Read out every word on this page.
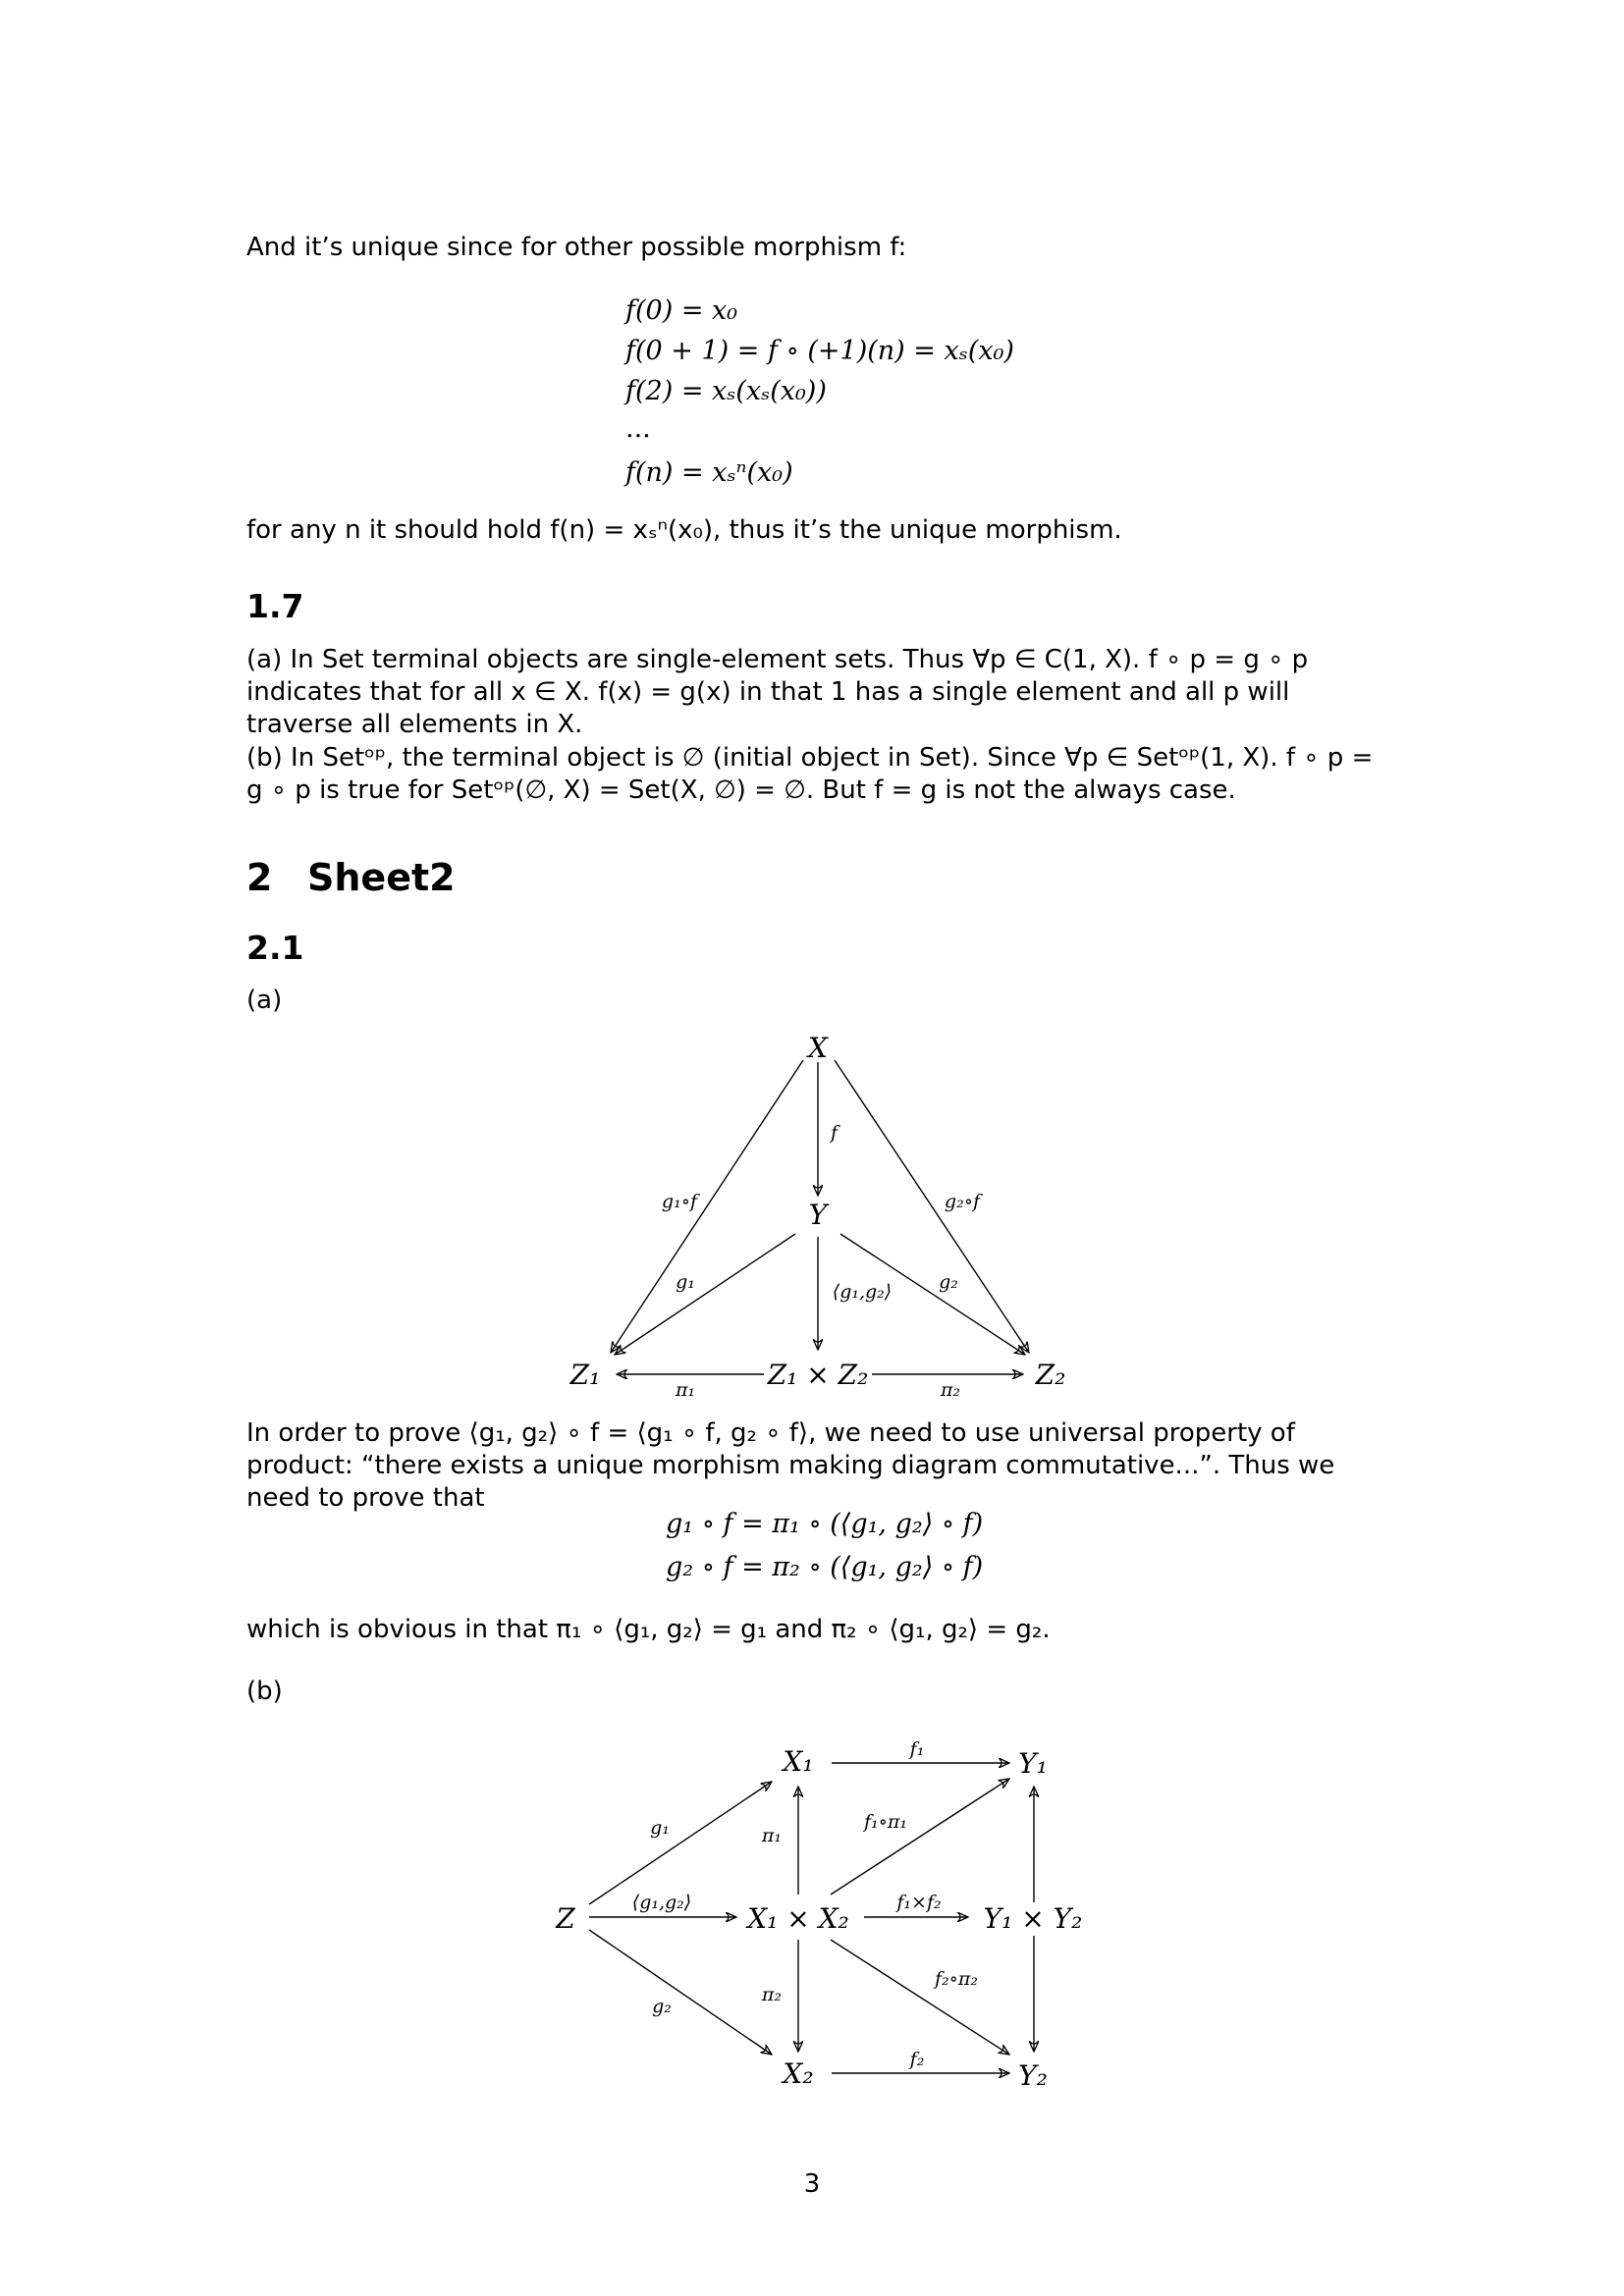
And it’s unique since for other possible morphism f:
f(0) = x₀
f(0 + 1) = f ∘ (+1)(n) = xₛ(x₀)
f(2) = xₛ(xₛ(x₀))
...
f(n) = xₛⁿ(x₀)
for any n it should hold f(n) = xₛⁿ(x₀), thus it’s the unique morphism.
1.7
(a) In Set terminal objects are single-element sets. Thus ∀p ∈ C(1, X). f ∘ p = g ∘ p indicates that for all x ∈ X. f(x) = g(x) in that 1 has a single element and all p will traverse all elements in X.
(b) In Setᵒᵖ, the terminal object is ∅ (initial object in Set). Since ∀p ∈ Setᵒᵖ(1, X). f ∘ p = g ∘ p is true for Setᵒᵖ(∅, X) = Set(X, ∅) = ∅. But f = g is not the always case.
2 Sheet2
2.1
(a)
X
Y
Z₁	Z₁ × Z₂	Z₂
f
g₁∘f	g₂∘f
g₁	g₂
⟨g₁,g₂⟩
π₁	π₂
In order to prove ⟨g₁, g₂⟩ ∘ f = ⟨g₁ ∘ f, g₂ ∘ f⟩, we need to use universal property of product: “there exists a unique morphism making diagram commutative...”. Thus we need to prove that
g₁ ∘ f = π₁ ∘ (⟨g₁, g₂⟩ ∘ f)
g₂ ∘ f = π₂ ∘ (⟨g₁, g₂⟩ ∘ f)
which is obvious in that π₁ ∘ ⟨g₁, g₂⟩ = g₁ and π₂ ∘ ⟨g₁, g₂⟩ = g₂.
(b)
X₁	Y₁
Z	X₁ × X₂	Y₁ × Y₂
X₂	Y₂
f₁
g₁	π₁
f₁∘π₁
⟨g₁,g₂⟩	f₁×f₂
π₂
f₂∘π₂
g₂
f₂
3
